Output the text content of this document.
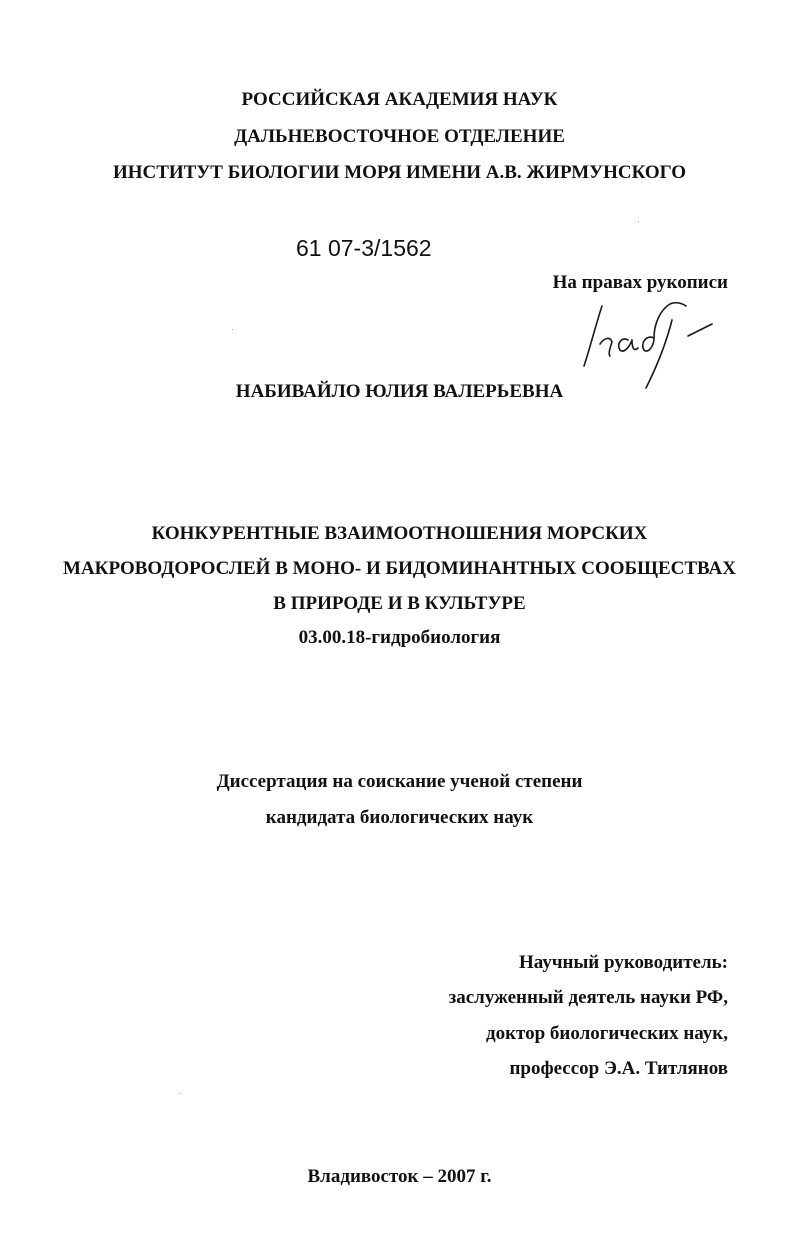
РОССИЙСКАЯ АКАДЕМИЯ НАУК
ДАЛЬНЕВОСТОЧНОЕ ОТДЕЛЕНИЕ
ИНСТИТУТ БИОЛОГИИ МОРЯ ИМЕНИ А.В. ЖИРМУНСКОГО
61 07-3/1562
На правах рукописи
НАБИВАЙЛО ЮЛИЯ ВАЛЕРЬЕВНА
КОНКУРЕНТНЫЕ ВЗАИМООТНОШЕНИЯ МОРСКИХ
МАКРОВОДОРОСЛЕЙ В МОНО- И БИДОМИНАНТНЫХ СООБЩЕСТВАХ
В ПРИРОДЕ И В КУЛЬТУРЕ
03.00.18-гидробиология
Диссертация на соискание ученой степени
кандидата биологических наук
Научный руководитель:
заслуженный деятель науки РФ,
доктор биологических наук,
профессор Э.А. Титлянов
Владивосток – 2007 г.
